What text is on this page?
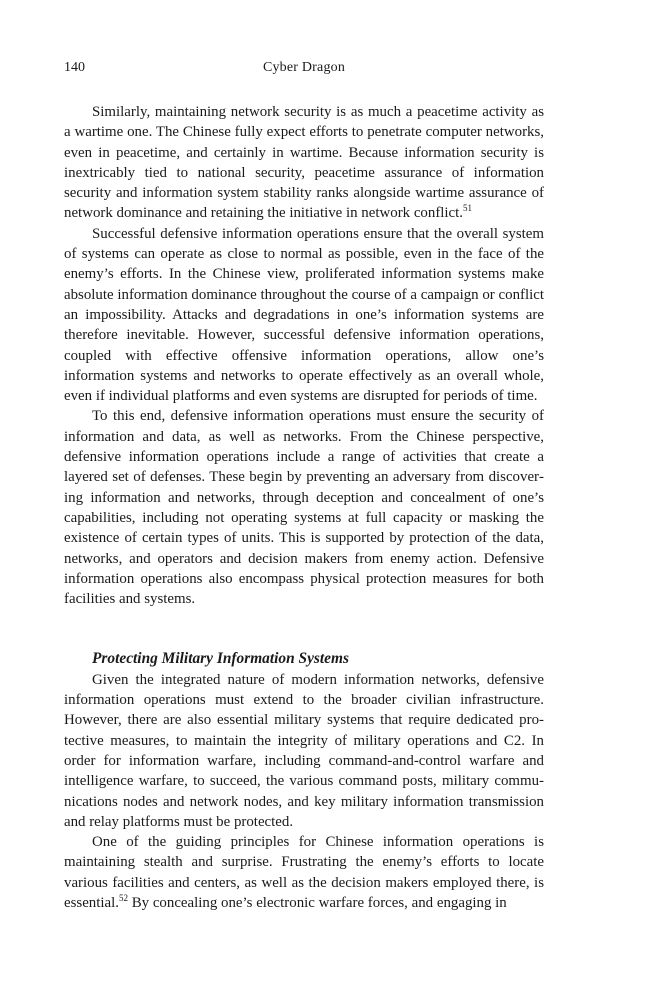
140	Cyber Dragon

Similarly, maintaining network security is as much a peacetime activity as a wartime one. The Chinese fully expect efforts to penetrate computer networks, even in peacetime, and certainly in wartime. Because information security is inextricably tied to national security, peacetime assurance of information security and information system stability ranks alongside wartime assurance of network dominance and retaining the initiative in network conflict.$^{51}$

Successful defensive information operations ensure that the overall system of systems can operate as close to normal as possible, even in the face of the enemy’s efforts. In the Chinese view, proliferated information systems make absolute information dominance throughout the course of a campaign or conflict an impossibility. Attacks and degradations in one’s information systems are therefore inevitable. However, successful defensive information operations, coupled with effective offensive information operations, allow one’s information systems and networks to operate effectively as an overall whole, even if individual platforms and even systems are disrupted for periods of time.

To this end, defensive information operations must ensure the security of information and data, as well as networks. From the Chinese perspective, defensive information operations include a range of activities that create a layered set of defenses. These begin by preventing an adversary from discovering information and networks, through deception and concealment of one’s capabilities, including not operating systems at full capacity or masking the existence of certain types of units. This is supported by protection of the data, networks, and operators and decision makers from enemy action. Defensive information operations also encompass physical protection measures for both facilities and systems.

Protecting Military Information Systems

Given the integrated nature of modern information networks, defensive information operations must extend to the broader civilian infrastructure. However, there are also essential military systems that require dedicated protective measures, to maintain the integrity of military operations and C2. In order for information warfare, including command-and-control warfare and intelligence warfare, to succeed, the various command posts, military communications nodes and network nodes, and key military information transmission and relay platforms must be protected.

One of the guiding principles for Chinese information operations is maintaining stealth and surprise. Frustrating the enemy’s efforts to locate various facilities and centers, as well as the decision makers employed there, is essential.$^{52}$ By concealing one’s electronic warfare forces, and engaging in
